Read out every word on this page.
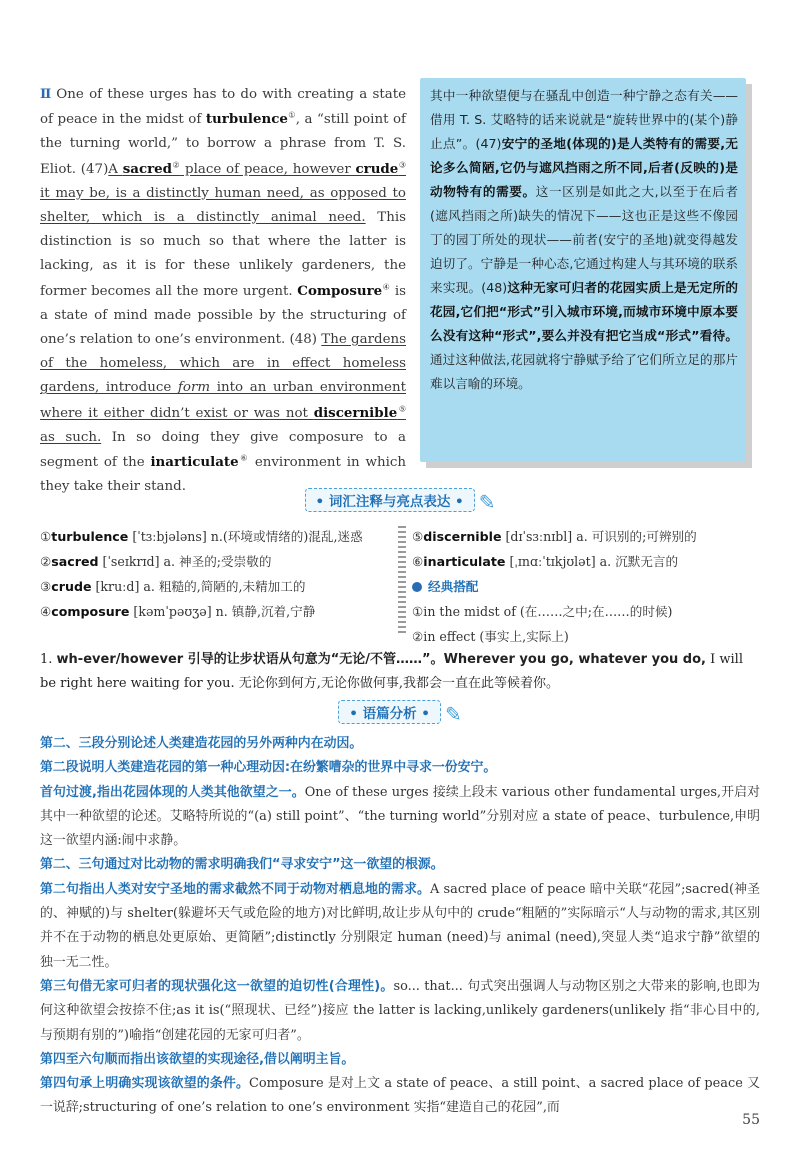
Ⅱ One of these urges has to do with creating a state of peace in the midst of turbulence①, a “still point of the turning world,” to borrow a phrase from T. S. Eliot. (47)A sacred② place of peace, however crude③ it may be, is a distinctly human need, as opposed to shelter, which is a distinctly animal need. This distinction is so much so that where the latter is lacking, as it is for these unlikely gardeners, the former becomes all the more urgent. Composure④ is a state of mind made possible by the structuring of one’s relation to one’s environment. (48) The gardens of the homeless, which are in effect homeless gardens, introduce form into an urban environment where it either didn’t exist or was not discernible⑤ as such. In so doing they give composure to a segment of the inarticulate⑥ environment in which they take their stand.
其中一种欲望便与在骚乱中创造一种宁静之态有关——借用 T. S. 艾略特的话来说就是“旋转世界中的(某个)静止点”。(47)安宁的圣地(体现的)是人类特有的需要,无论多么简陋,它仍与遮风挡雨之所不同,后者(反映的)是动物特有的需要。这一区别是如此之大,以至于在后者(遮风挡雨之所)缺失的情况下——这也正是这些不像园丁的园丁所处的现状——前者(安宁的圣地)就变得越发迫切了。宁静是一种心态,它通过构建人与其环境的联系来实现。(48)这种无家可归者的花园实质上是无定所的花园,它们把“形式”引入城市环境,而城市环境中原本要么没有这种“形式”,要么并没有把它当成“形式”看待。通过这种做法,花园就将宁静赋予给了它们所立足的那片难以言喻的环境。
• 词汇注释与亮点表达 • ✎
①turbulence [ˈtɜːbjələns] n.(环境或情绪的)混乱,迷惑
②sacred [ˈseɪkrɪd] a. 神圣的;受崇敬的
③crude [kruːd] a. 粗糙的,简陋的,未精加工的
④composure [kəmˈpəʊʒə] n. 镇静,沉着,宁静
⑤discernible [dɪˈsɜːnɪbl] a. 可识别的;可辨别的
⑥inarticulate [ˌɪnɑːˈtɪkjʊlət] a. 沉默无言的
经典搭配
①in the midst of (在……之中;在……的时候)
②in effect (事实上,实际上)
1. wh-ever/however 引导的让步状语从句意为“无论/不管……”。Wherever you go, whatever you do, I will be right here waiting for you. 无论你到何方,无论你做何事,我都会一直在此等候着你。
• 语篇分析 • ✎

第二、三段分别论述人类建造花园的另外两种内在动因。

第二段说明人类建造花园的第一种心理动因:在纷繁嘈杂的世界中寻求一份安宁。

首句过渡,指出花园体现的人类其他欲望之一。One of these urges 接续上段末 various other fundamental urges,开启对其中一种欲望的论述。艾略特所说的“(a) still point”、“the turning world”分别对应 a state of peace、turbulence,申明这一欲望内涵:闹中求静。

第二、三句通过对比动物的需求明确我们“寻求安宁”这一欲望的根源。

第二句指出人类对安宁圣地的需求截然不同于动物对栖息地的需求。A sacred place of peace 暗中关联“花园”;sacred(神圣的、神赋的)与 shelter(躲避坏天气或危险的地方)对比鲜明,故让步从句中的 crude“粗陋的”实际暗示“人与动物的需求,其区别并不在于动物的栖息处更原始、更简陋”;distinctly 分别限定 human (need)与 animal (need),突显人类“追求宁静”欲望的独一无二性。

第三句借无家可归者的现状强化这一欲望的迫切性(合理性)。so... that... 句式突出强调人与动物区别之大带来的影响,也即为何这种欲望会按捺不住;as it is(“照现状、已经”)接应 the latter is lacking,unlikely gardeners(unlikely 指“非心目中的,与预期有别的”)喻指“创建花园的无家可归者”。

第四至六句顺而指出该欲望的实现途径,借以阐明主旨。

第四句承上明确实现该欲望的条件。Composure 是对上文 a state of peace、a still point、a sacred place of peace 又一说辞;structuring of one’s relation to one’s environment 实指“建造自己的花园”,而

55
